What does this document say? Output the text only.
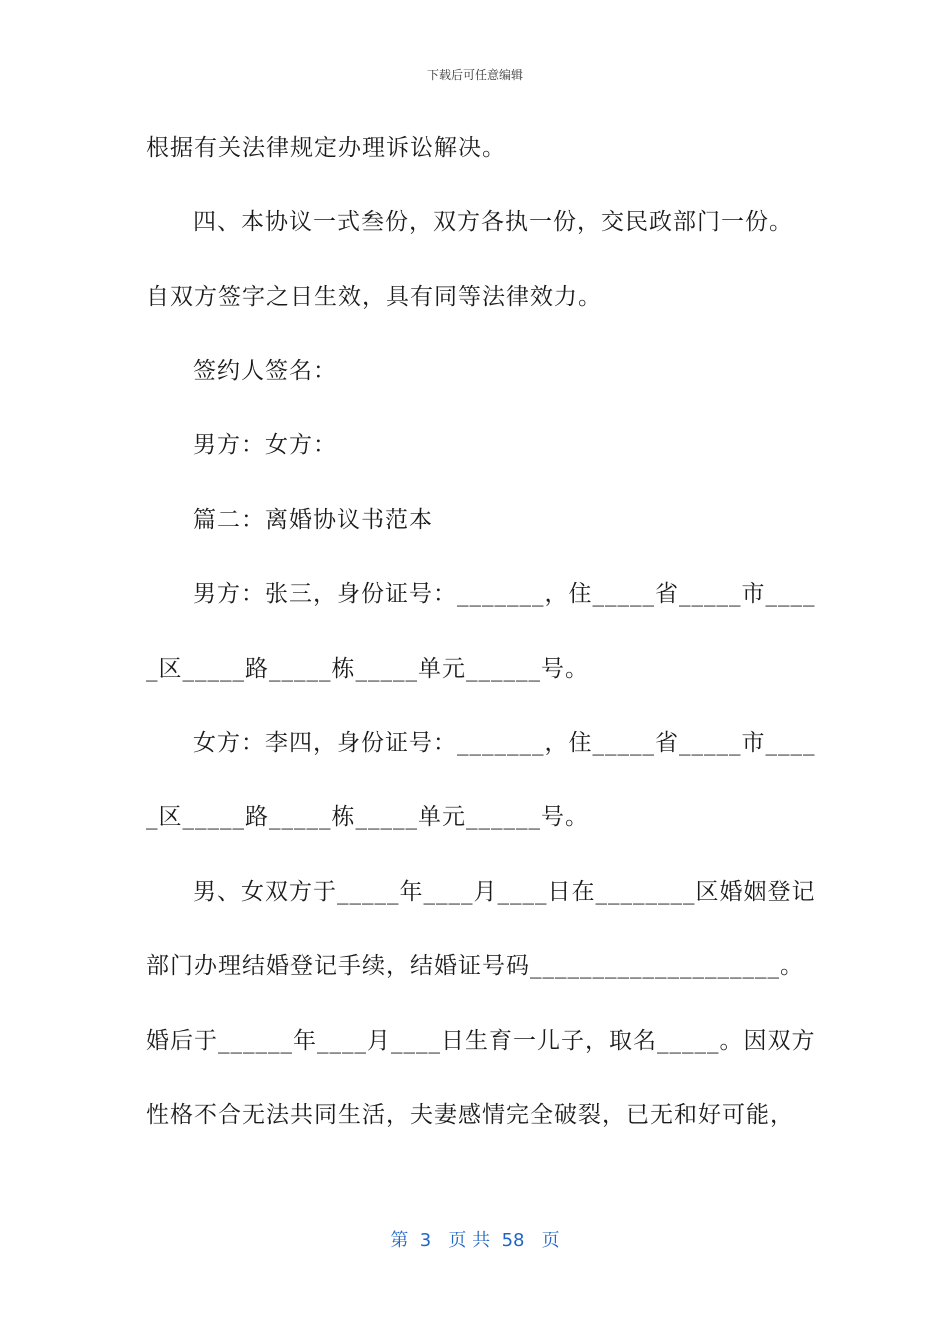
下载后可任意编辑
根据有关法律规定办理诉讼解决。
四、本协议一式叁份，双方各执一份，交民政部门一份。
自双方签字之日生效，具有同等法律效力。
签约人签名：
男方：女方：
篇二：离婚协议书范本
男方：张三，身份证号：_______，住_____省_____市____
_区_____路_____栋_____单元______号。
女方：李四，身份证号：_______，住_____省_____市____
_区_____路_____栋_____单元______号。
男、女双方于_____年____月____日在________区婚姻登记
部门办理结婚登记手续，结婚证号码____________________。
婚后于______年____月____日生育一儿子，取名_____。因双方
性格不合无法共同生活，夫妻感情完全破裂，已无和好可能，
第  3   页 共  58   页
